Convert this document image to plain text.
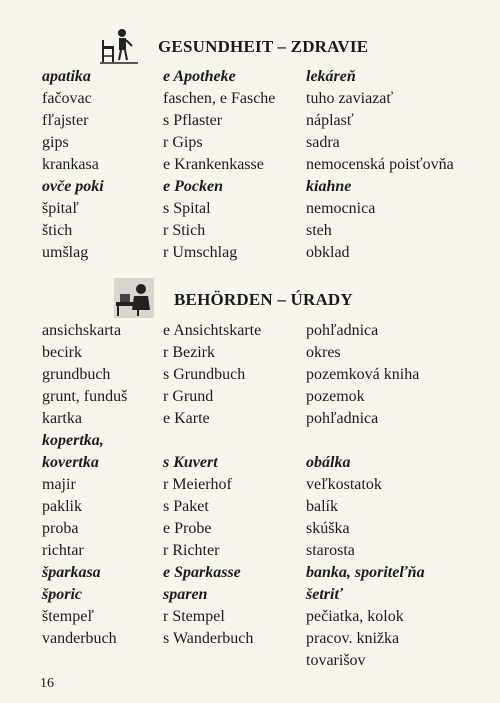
GESUNDHEIT – ZDRAVIE
apatika	e Apotheke	lekáreň
fačovac	faschen, e Fasche	tuho zaviazať
fľajster	s Pflaster	náplasť
gips	r Gips	sadra
krankasa	e Krankenkasse	nemocenská poisťovňa
ovče poki	e Pocken	kiahne
špitaľ	s Spital	nemocnica
štich	r Stich	steh
umšlag	r Umschlag	obklad
BEHÖRDEN – ÚRADY
ansichskarta	e Ansichtskarte	pohľadnica
becirk	r Bezirk	okres
grundbuch	s Grundbuch	pozemková kniha
grunt, funduš	r Grund	pozemok
kartka	e Karte	pohľadnica
kopertka,		
kovertka	s Kuvert	obálka
majir	r Meierhof	veľkostatok
paklik	s Paket	balík
proba	e Probe	skúška
richtar	r Richter	starosta
šparkasa	e Sparkasse	banka, sporiteľňa
šporic	sparen	šetriť
štempeľ	r Stempel	pečiatka, kolok
vanderbuch	s Wanderbuch	pracov. knižka
		tovarišov
16
